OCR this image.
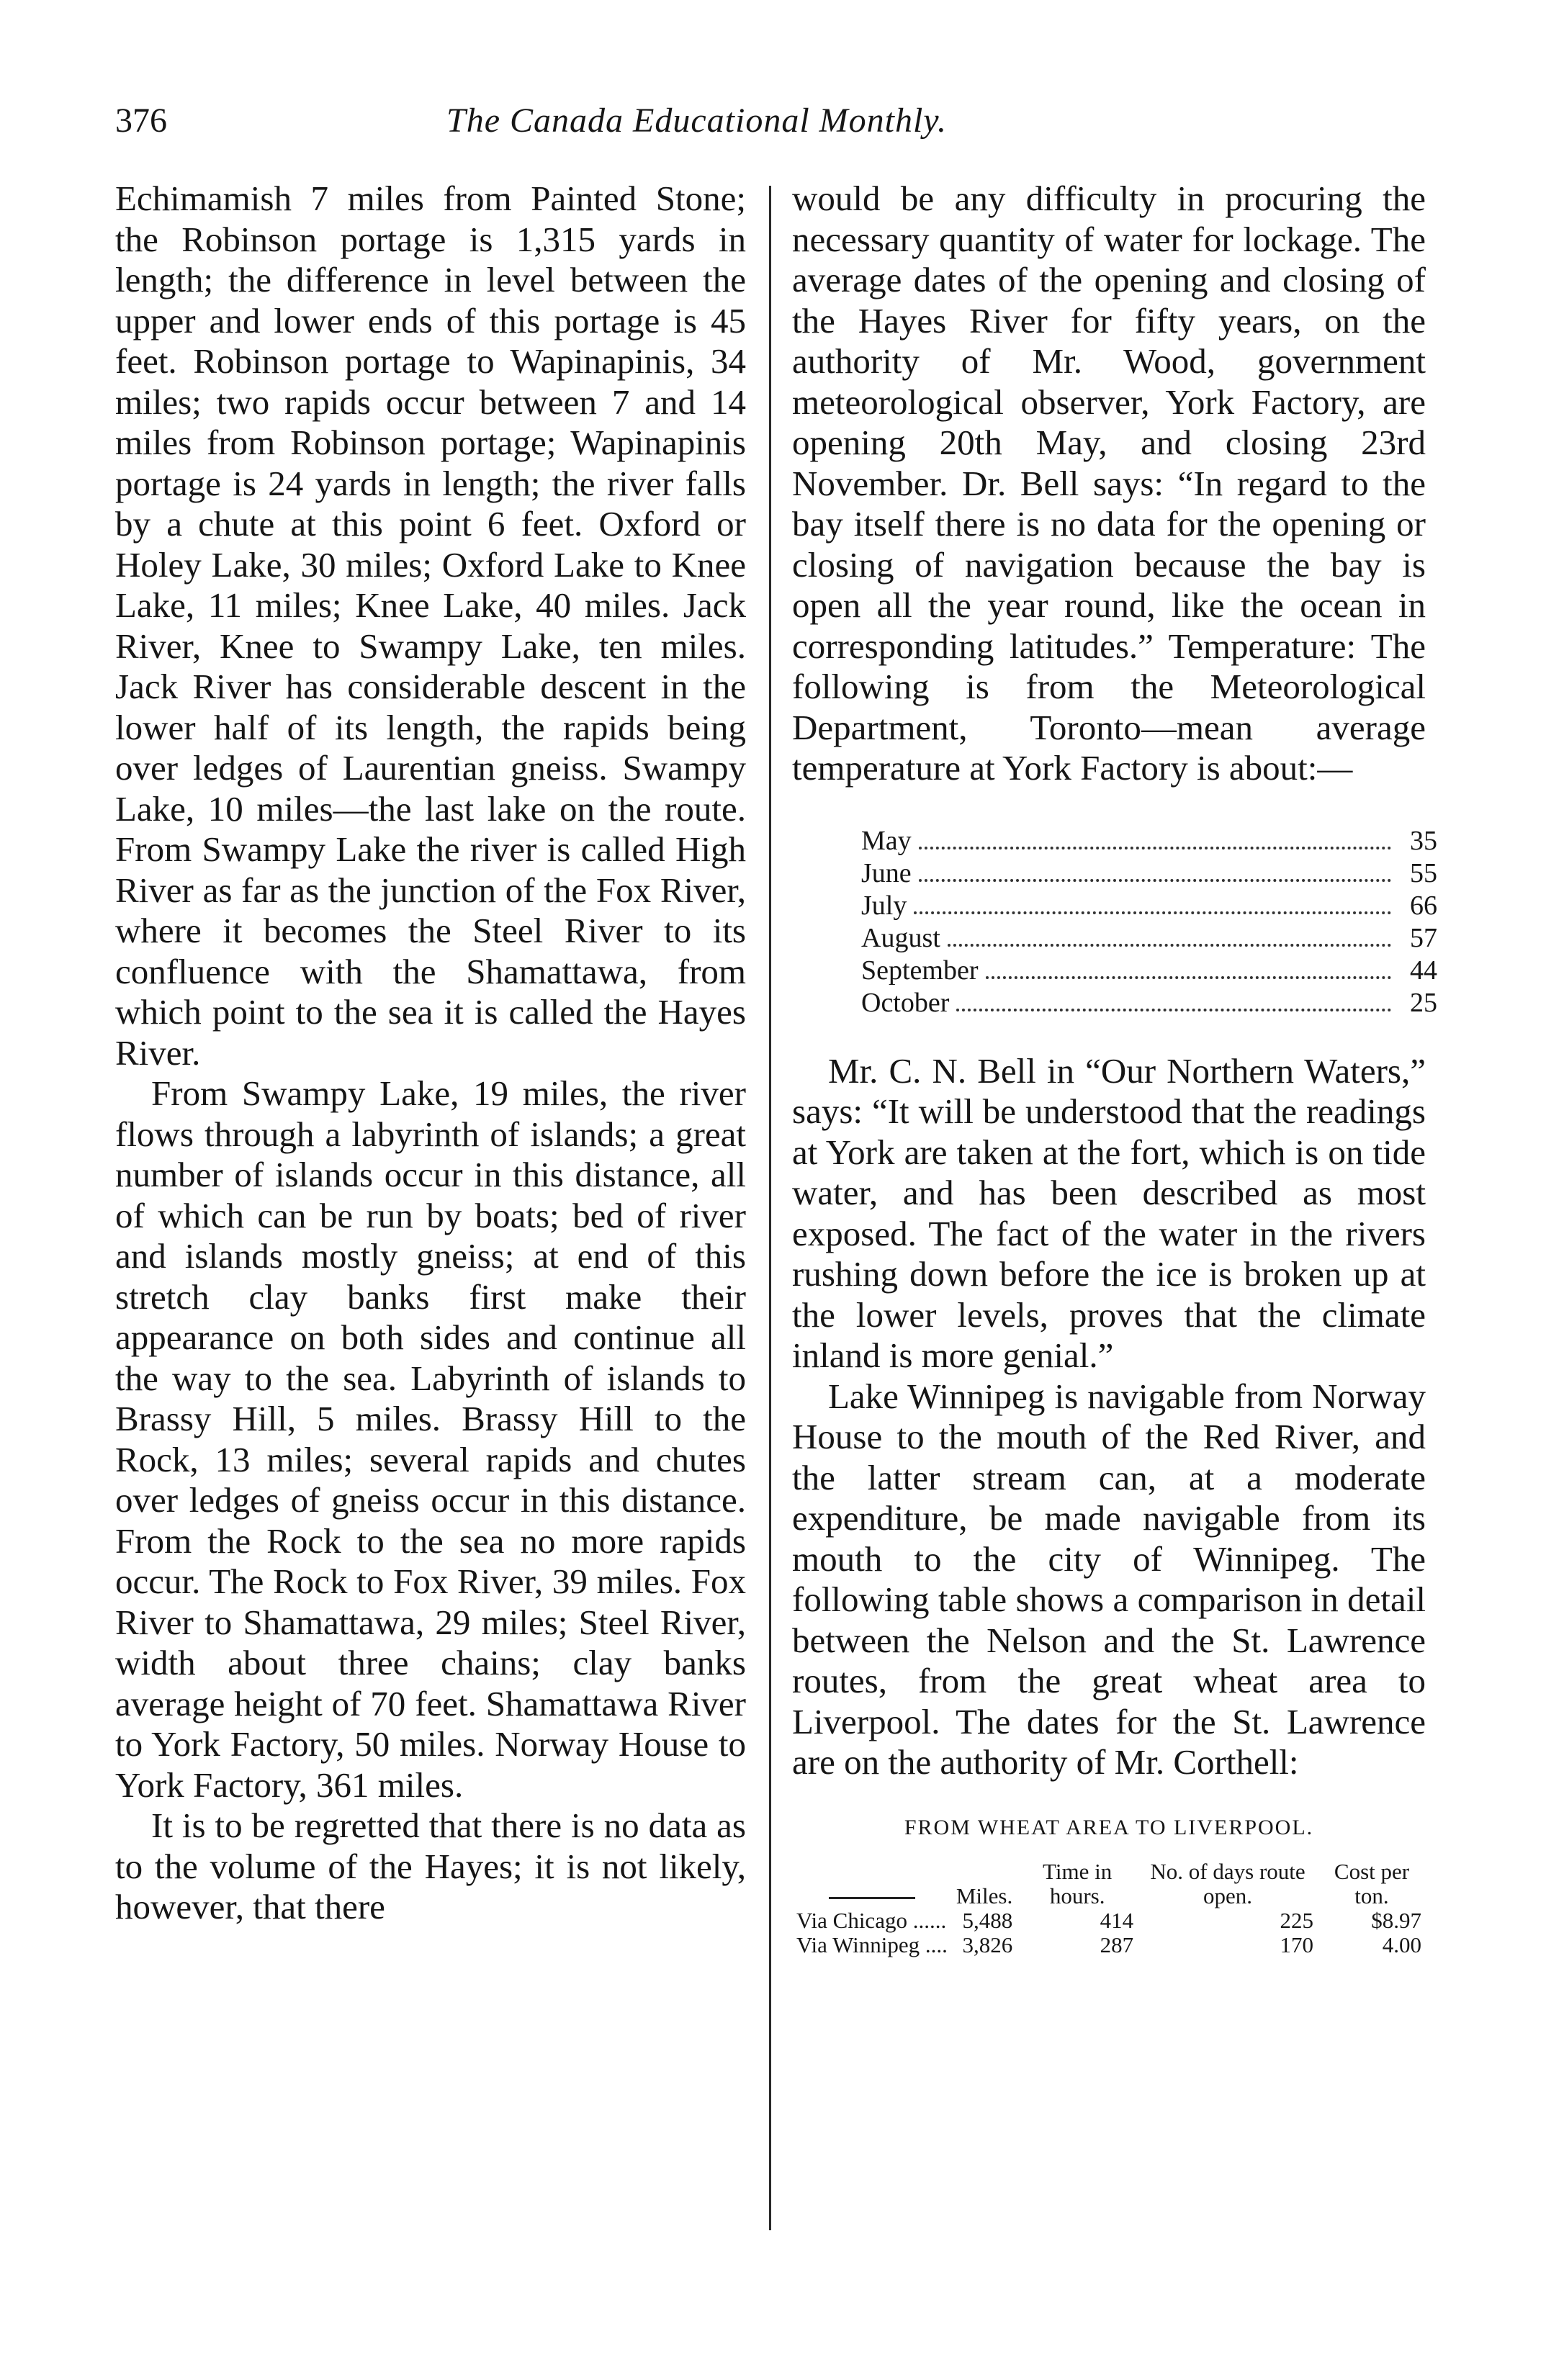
376	The Canada Educational Monthly.

Echimamish 7 miles from Painted Stone; the Robinson portage is 1,315 yards in length; the difference in level between the upper and lower ends of this portage is 45 feet. Robinson portage to Wapinapinis, 34 miles; two rapids occur between 7 and 14 miles from Robinson portage; Wapinapinis portage is 24 yards in length; the river falls by a chute at this point 6 feet. Oxford or Holey Lake, 30 miles; Oxford Lake to Knee Lake, 11 miles; Knee Lake, 40 miles. Jack River, Knee to Swampy Lake, ten miles. Jack River has considerable descent in the lower half of its length, the rapids being over ledges of Laurentian gneiss. Swampy Lake, 10 miles—the last lake on the route. From Swampy Lake the river is called High River as far as the junction of the Fox River, where it becomes the Steel River to its confluence with the Shamattawa, from which point to the sea it is called the Hayes River.

From Swampy Lake, 19 miles, the river flows through a labyrinth of islands; a great number of islands occur in this distance, all of which can be run by boats; bed of river and islands mostly gneiss; at end of this stretch clay banks first make their appearance on both sides and continue all the way to the sea. Labyrinth of islands to Brassy Hill, 5 miles. Brassy Hill to the Rock, 13 miles; several rapids and chutes over ledges of gneiss occur in this distance. From the Rock to the sea no more rapids occur. The Rock to Fox River, 39 miles. Fox River to Shamattawa, 29 miles; Steel River, width about three chains; clay banks average height of 70 feet. Shamattawa River to York Factory, 50 miles. Norway House to York Factory, 361 miles.

It is to be regretted that there is no data as to the volume of the Hayes; it is not likely, however, that there

would be any difficulty in procuring the necessary quantity of water for lockage. The average dates of the opening and closing of the Hayes River for fifty years, on the authority of Mr. Wood, government meteorological observer, York Factory, are opening 20th May, and closing 23rd November. Dr. Bell says: “In regard to the bay itself there is no data for the opening or closing of navigation because the bay is open all the year round, like the ocean in corresponding latitudes.” Temperature: The following is from the Meteorological Department, Toronto—mean average temperature at York Factory is about:—

May	35
June	55
July	66
August	57
September	44
October	25

Mr. C. N. Bell in “Our Northern Waters,” says: “It will be understood that the readings at York are taken at the fort, which is on tide water, and has been described as most exposed. The fact of the water in the rivers rushing down before the ice is broken up at the lower levels, proves that the climate inland is more genial.”

Lake Winnipeg is navigable from Norway House to the mouth of the Red River, and the latter stream can, at a moderate expenditure, be made navigable from its mouth to the city of Winnipeg. The following table shows a comparison in detail between the Nelson and the St. Lawrence routes, from the great wheat area to Liverpool. The dates for the St. Lawrence are on the authority of Mr. Corthell:

FROM WHEAT AREA TO LIVERPOOL.
	Miles.	Time in hours.	No. of days route open.	Cost per ton.
Via Chicago ......	5,488	414	225	$8.97
Via Winnipeg ....	3,826	287	170	4.00
